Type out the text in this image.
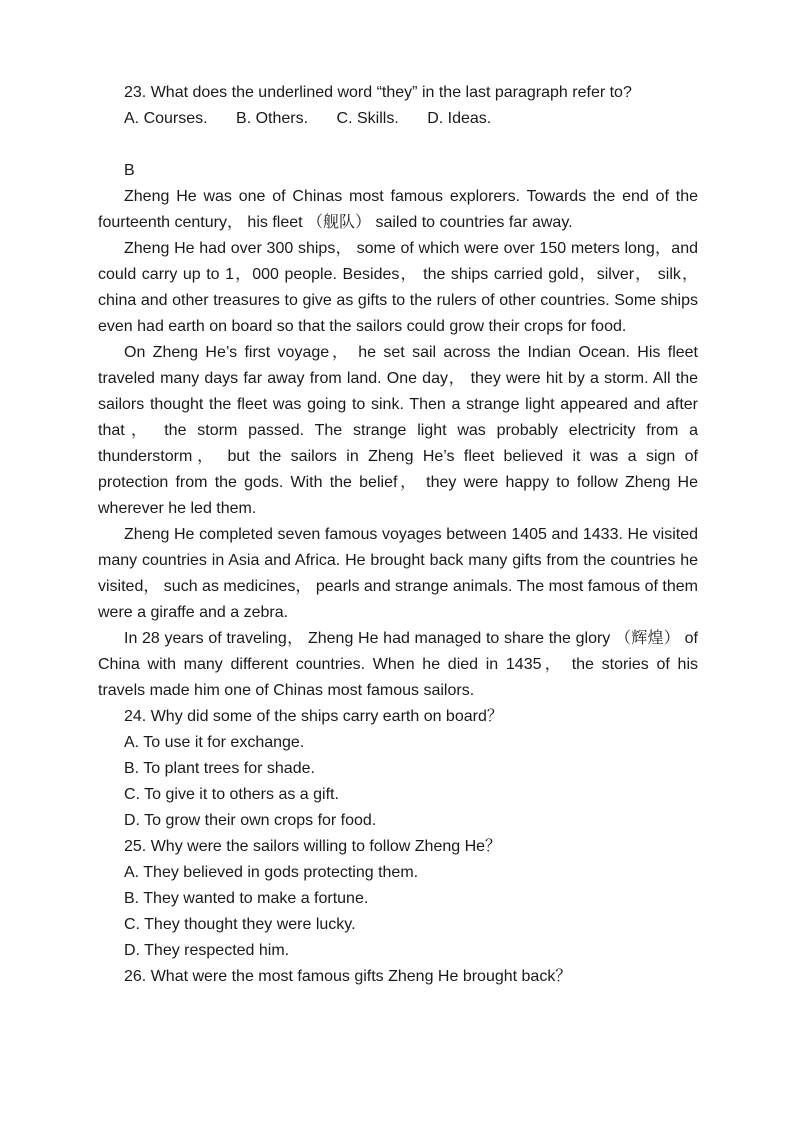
23. What does the underlined word “they” in the last paragraph refer to?

A. Courses. B. Others. C. Skills. D. Ideas.

B

Zheng He was one of Chinas most famous explorers. Towards the end of the fourteenth century， his fleet （舰队） sailed to countries far away.

Zheng He had over 300 ships， some of which were over 150 meters long，and could carry up to 1，000 people. Besides， the ships carried gold，silver， silk， china and other treasures to give as gifts to the rulers of other countries. Some ships even had earth on board so that the sailors could grow their crops for food.

On Zheng He’s first voyage， he set sail across the Indian Ocean. His fleet traveled many days far away from land. One day， they were hit by a storm. All the sailors thought the fleet was going to sink. Then a strange light appeared and after that， the storm passed. The strange light was probably electricity from a thunderstorm， but the sailors in Zheng He’s fleet believed it was a sign of protection from the gods. With the belief， they were happy to follow Zheng He wherever he led them.

Zheng He completed seven famous voyages between 1405 and 1433. He visited many countries in Asia and Africa. He brought back many gifts from the countries he visited， such as medicines， pearls and strange animals. The most famous of them were a giraffe and a zebra.

In 28 years of traveling， Zheng He had managed to share the glory （辉煌） of China with many different countries. When he died in 1435， the stories of his travels made him one of Chinas most famous sailors.

24. Why did some of the ships carry earth on board？

A. To use it for exchange.

B. To plant trees for shade.

C. To give it to others as a gift.

D. To grow their own crops for food.

25. Why were the sailors willing to follow Zheng He？

A. They believed in gods protecting them.

B. They wanted to make a fortune.

C. They thought they were lucky.

D. They respected him.

26. What were the most famous gifts Zheng He brought back？
